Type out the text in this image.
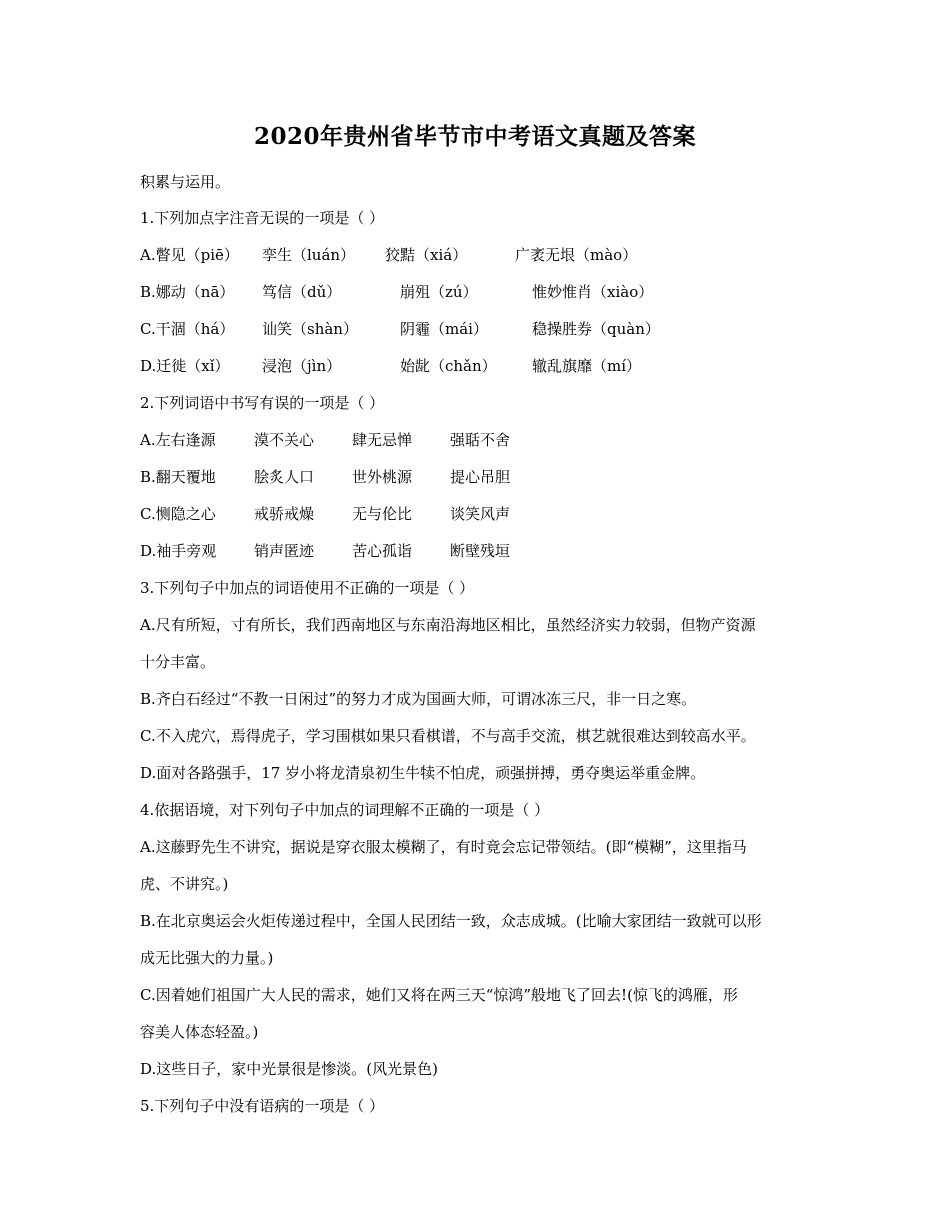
2020年贵州省毕节市中考语文真题及答案
积累与运用。
1.下列加点字注音无误的一项是（ ）
A.瞥见（piē） 孪生（luán） 狡黠（xiá）	广袤无垠（mào）
B.娜动（nā） 笃信（dǔ）	崩殂（zú）	惟妙惟肖（xiào）
C.干涸（há） 讪笑（shàn）	阴霾（mái）	稳操胜券（quàn）
D.迁徙（xǐ） 浸泡（jìn）	始龀（chǎn） 辙乱旗靡（mí）
2.下列词语中书写有误的一项是（ ）
A.左右逢源	漠不关心	肆无忌惮	强聒不舍
B.翻天覆地	脍炙人口	世外桃源	提心吊胆
C.恻隐之心	戒骄戒燥	无与伦比	谈笑风声
D.袖手旁观	销声匿迹	苦心孤诣	断壁残垣
3.下列句子中加点的词语使用不正确的一项是（ ）
A.尺有所短，寸有所长，我们西南地区与东南沿海地区相比，虽然经济实力较弱，但物产资源
十分丰富。
B.齐白石经过“不教一日闲过”的努力才成为国画大师，可谓冰冻三尺，非一日之寒。
C.不入虎穴，焉得虎子，学习围棋如果只看棋谱，不与高手交流，棋艺就很难达到较高水平。
D.面对各路强手，17 岁小将龙清泉初生牛犊不怕虎，顽强拼搏，勇夺奥运举重金牌。
4.依据语境，对下列句子中加点的词理解不正确的一项是（ ）
A.这藤野先生不讲究，据说是穿衣服太模糊了，有时竟会忘记带领结。(即“模糊”，这里指马
虎、不讲究。)
B.在北京奥运会火炬传递过程中，全国人民团结一致，众志成城。(比喻大家团结一致就可以形
成无比强大的力量。)
C.因着她们祖国广大人民的需求，她们又将在两三天“惊鸿”般地飞了回去!(惊飞的鸿雁，形
容美人体态轻盈。)
D.这些日子，家中光景很是惨淡。(风光景色)
5.下列句子中没有语病的一项是（ ）
